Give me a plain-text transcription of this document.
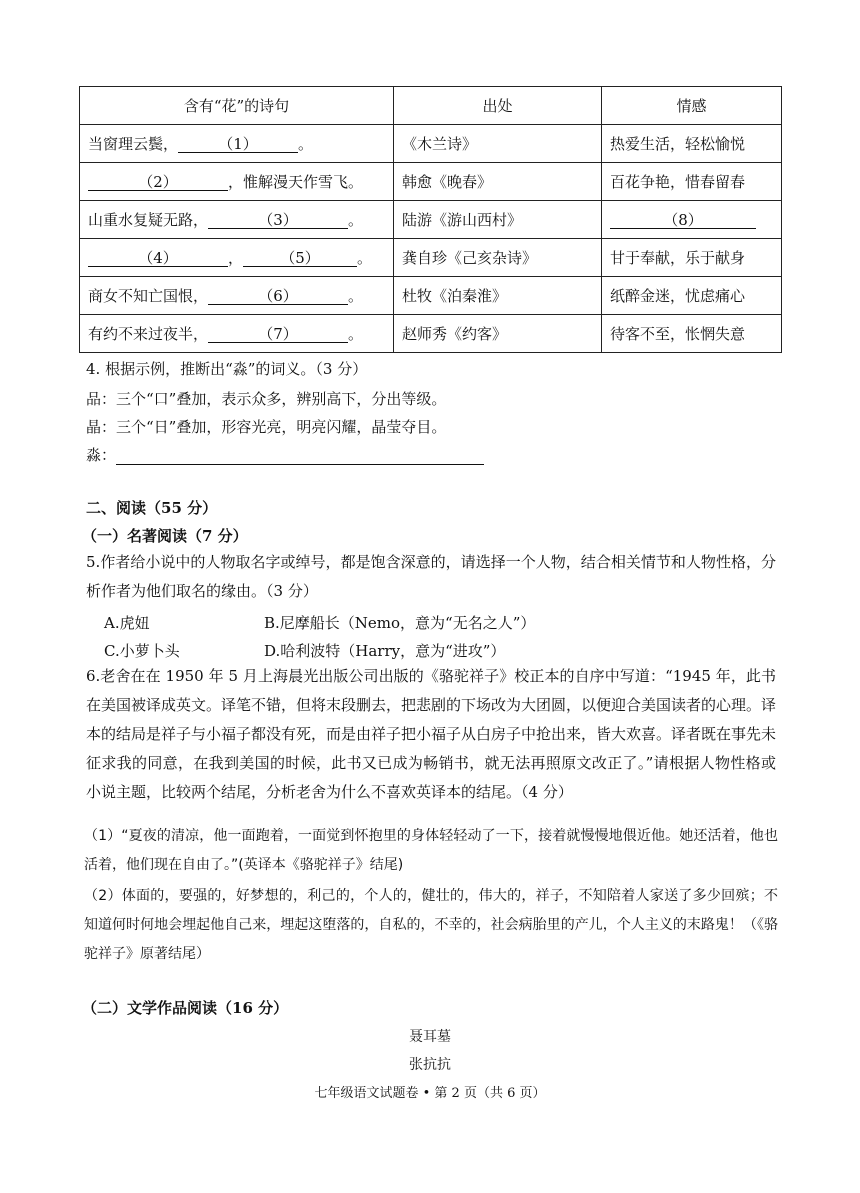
含有“花”的诗句	出处	情感
当窗理云鬓， （1） 。	《木兰诗》	热爱生活，轻松愉悦
（2） ，惟解漫天作雪飞。	韩愈《晚春》	百花争艳，惜春留春
山重水复疑无路， （3） 。	陆游《游山西村》	（8）
（4） ， （5） 。	龚自珍《己亥杂诗》	甘于奉献，乐于献身
商女不知亡国恨， （6） 。	杜牧《泊秦淮》	纸醉金迷，忧虑痛心
有约不来过夜半， （7） 。	赵师秀《约客》	待客不至，怅惘失意
4. 根据示例，推断出“淼”的词义。（3 分）
品：三个“口”叠加，表示众多，辨别高下，分出等级。
晶：三个“日”叠加，形容光亮，明亮闪耀，晶莹夺目。
淼：
二、阅读（55 分）
（一）名著阅读（7 分）
5.作者给小说中的人物取名字或绰号，都是饱含深意的，请选择一个人物，结合相关情节和人物性格，分析作者为他们取名的缘由。（3 分）
A.虎妞	B.尼摩船长（Nemo，意为“无名之人”）
C.小萝卜头	D.哈利波特（Harry，意为“进攻”）
6.老舍在在 1950 年 5 月上海晨光出版公司出版的《骆驼祥子》校正本的自序中写道：“1945 年，此书在美国被译成英文。译笔不错，但将末段删去，把悲剧的下场改为大团圆，以便迎合美国读者的心理。译本的结局是祥子与小福子都没有死，而是由祥子把小福子从白房子中抢出来，皆大欢喜。译者既在事先未征求我的同意，在我到美国的时候，此书又已成为畅销书，就无法再照原文改正了。”请根据人物性格或小说主题，比较两个结尾，分析老舍为什么不喜欢英译本的结尾。（4 分）
（1）“夏夜的清凉，他一面跑着，一面觉到怀抱里的身体轻轻动了一下，接着就慢慢地偎近他。她还活着，他也活着，他们现在自由了。”(英译本《骆驼祥子》结尾)
（2）体面的，要强的，好梦想的，利己的，个人的，健壮的，伟大的，祥子，不知陪着人家送了多少回殡；不知道何时何地会埋起他自己来，埋起这堕落的，自私的，不幸的，社会病胎里的产儿，个人主义的末路鬼！（《骆驼祥子》原著结尾）
（二）文学作品阅读（16 分）
聂耳墓
张抗抗
七年级语文试题卷 • 第 2 页（共 6 页）
